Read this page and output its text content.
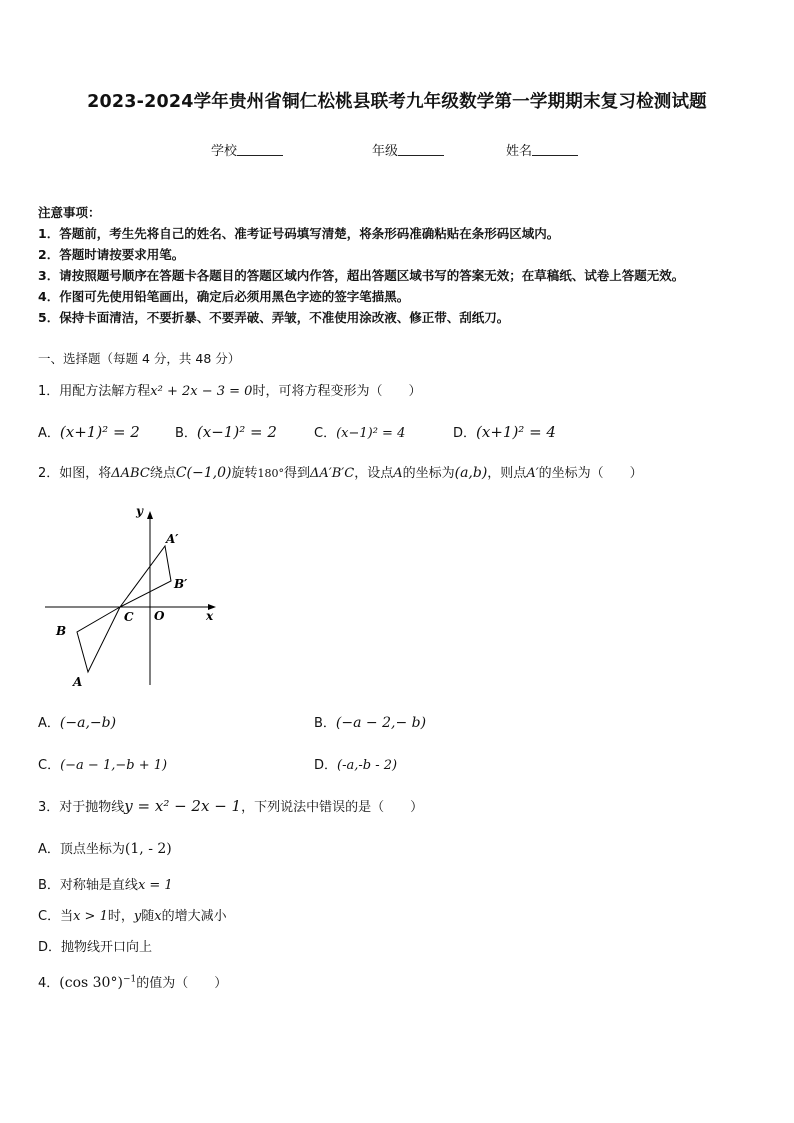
2023-2024学年贵州省铜仁松桃县联考九年级数学第一学期期末复习检测试题
学校	年级	姓名
注意事项：
1．答题前，考生先将自己的姓名、准考证号码填写清楚，将条形码准确粘贴在条形码区域内。
2．答题时请按要求用笔。
3．请按照题号顺序在答题卡各题目的答题区域内作答，超出答题区域书写的答案无效；在草稿纸、试卷上答题无效。
4．作图可先使用铅笔画出，确定后必须用黑色字迹的签字笔描黑。
5．保持卡面清洁，不要折暴、不要弄破、弄皱，不准使用涂改液、修正带、刮纸刀。
一、选择题（每题 4 分，共 48 分）
1．用配方法解方程x² + 2x − 3 = 0时，可将方程变形为（　　）
A．(x+1)² = 2	B．(x−1)² = 2	C．(x−1)² = 4	D．(x+1)² = 4
2．如图，将ΔABC绕点C(−1,0)旋转180°得到ΔA′B′C，设点A的坐标为(a,b)，则点A′的坐标为（　　）
y
x
O
C
B
A
A′
B′
A．(−a,−b)	B．(−a − 2,− b)
C．(−a − 1,−b + 1)	D．(-a,-b - 2)
3．对于抛物线y = x² − 2x − 1，下列说法中错误的是（　　）
A．顶点坐标为(1, - 2)
B．对称轴是直线x = 1
C．当x > 1时，y随x的增大减小
D．抛物线开口向上
4．(cos 30°)$^{-1}$的值为（　　）
